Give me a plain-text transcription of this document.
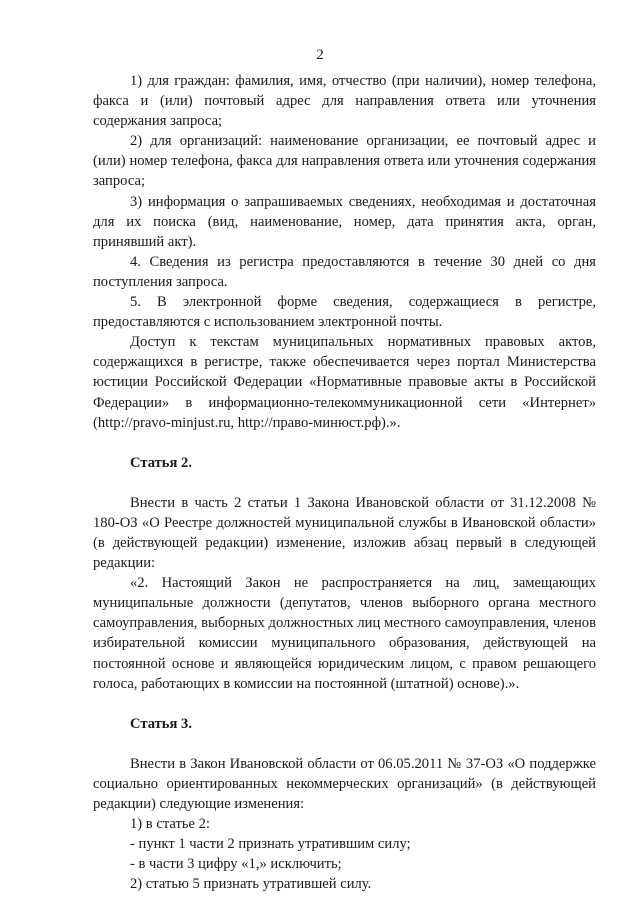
2

1) для граждан: фамилия, имя, отчество (при наличии), номер телефона, факса и (или) почтовый адрес для направления ответа или уточнения содержания запроса;

2) для организаций: наименование организации, ее почтовый адрес и (или) номер телефона, факса для направления ответа или уточнения содержания запроса;

3) информация о запрашиваемых сведениях, необходимая и достаточная для их поиска (вид, наименование, номер, дата принятия акта, орган, принявший акт).

4. Сведения из регистра предоставляются в течение 30 дней со дня поступления запроса.

5. В электронной форме сведения, содержащиеся в регистре, предоставляются с использованием электронной почты.

Доступ к текстам муниципальных нормативных правовых актов, содержащихся в регистре, также обеспечивается через портал Министерства юстиции Российской Федерации «Нормативные правовые акты в Российской Федерации» в информационно-телекоммуникационной сети «Интернет» (http://pravo-minjust.ru, http://право-минюст.рф).».

Статья 2.

Внести в часть 2 статьи 1 Закона Ивановской области от 31.12.2008 № 180-ОЗ «О Реестре должностей муниципальной службы в Ивановской области» (в действующей редакции) изменение, изложив абзац первый в следующей редакции:

«2. Настоящий Закон не распространяется на лиц, замещающих муниципальные должности (депутатов, членов выборного органа местного самоуправления, выборных должностных лиц местного самоуправления, членов избирательной комиссии муниципального образования, действующей на постоянной основе и являющейся юридическим лицом, с правом решающего голоса, работающих в комиссии на постоянной (штатной) основе).».

Статья 3.

Внести в Закон Ивановской области от 06.05.2011 № 37-ОЗ «О поддержке социально ориентированных некоммерческих организаций» (в действующей редакции) следующие изменения:

1) в статье 2:

- пункт 1 части 2 признать утратившим силу;

- в части 3 цифру «1,» исключить;

2) статью 5 признать утратившей силу.
